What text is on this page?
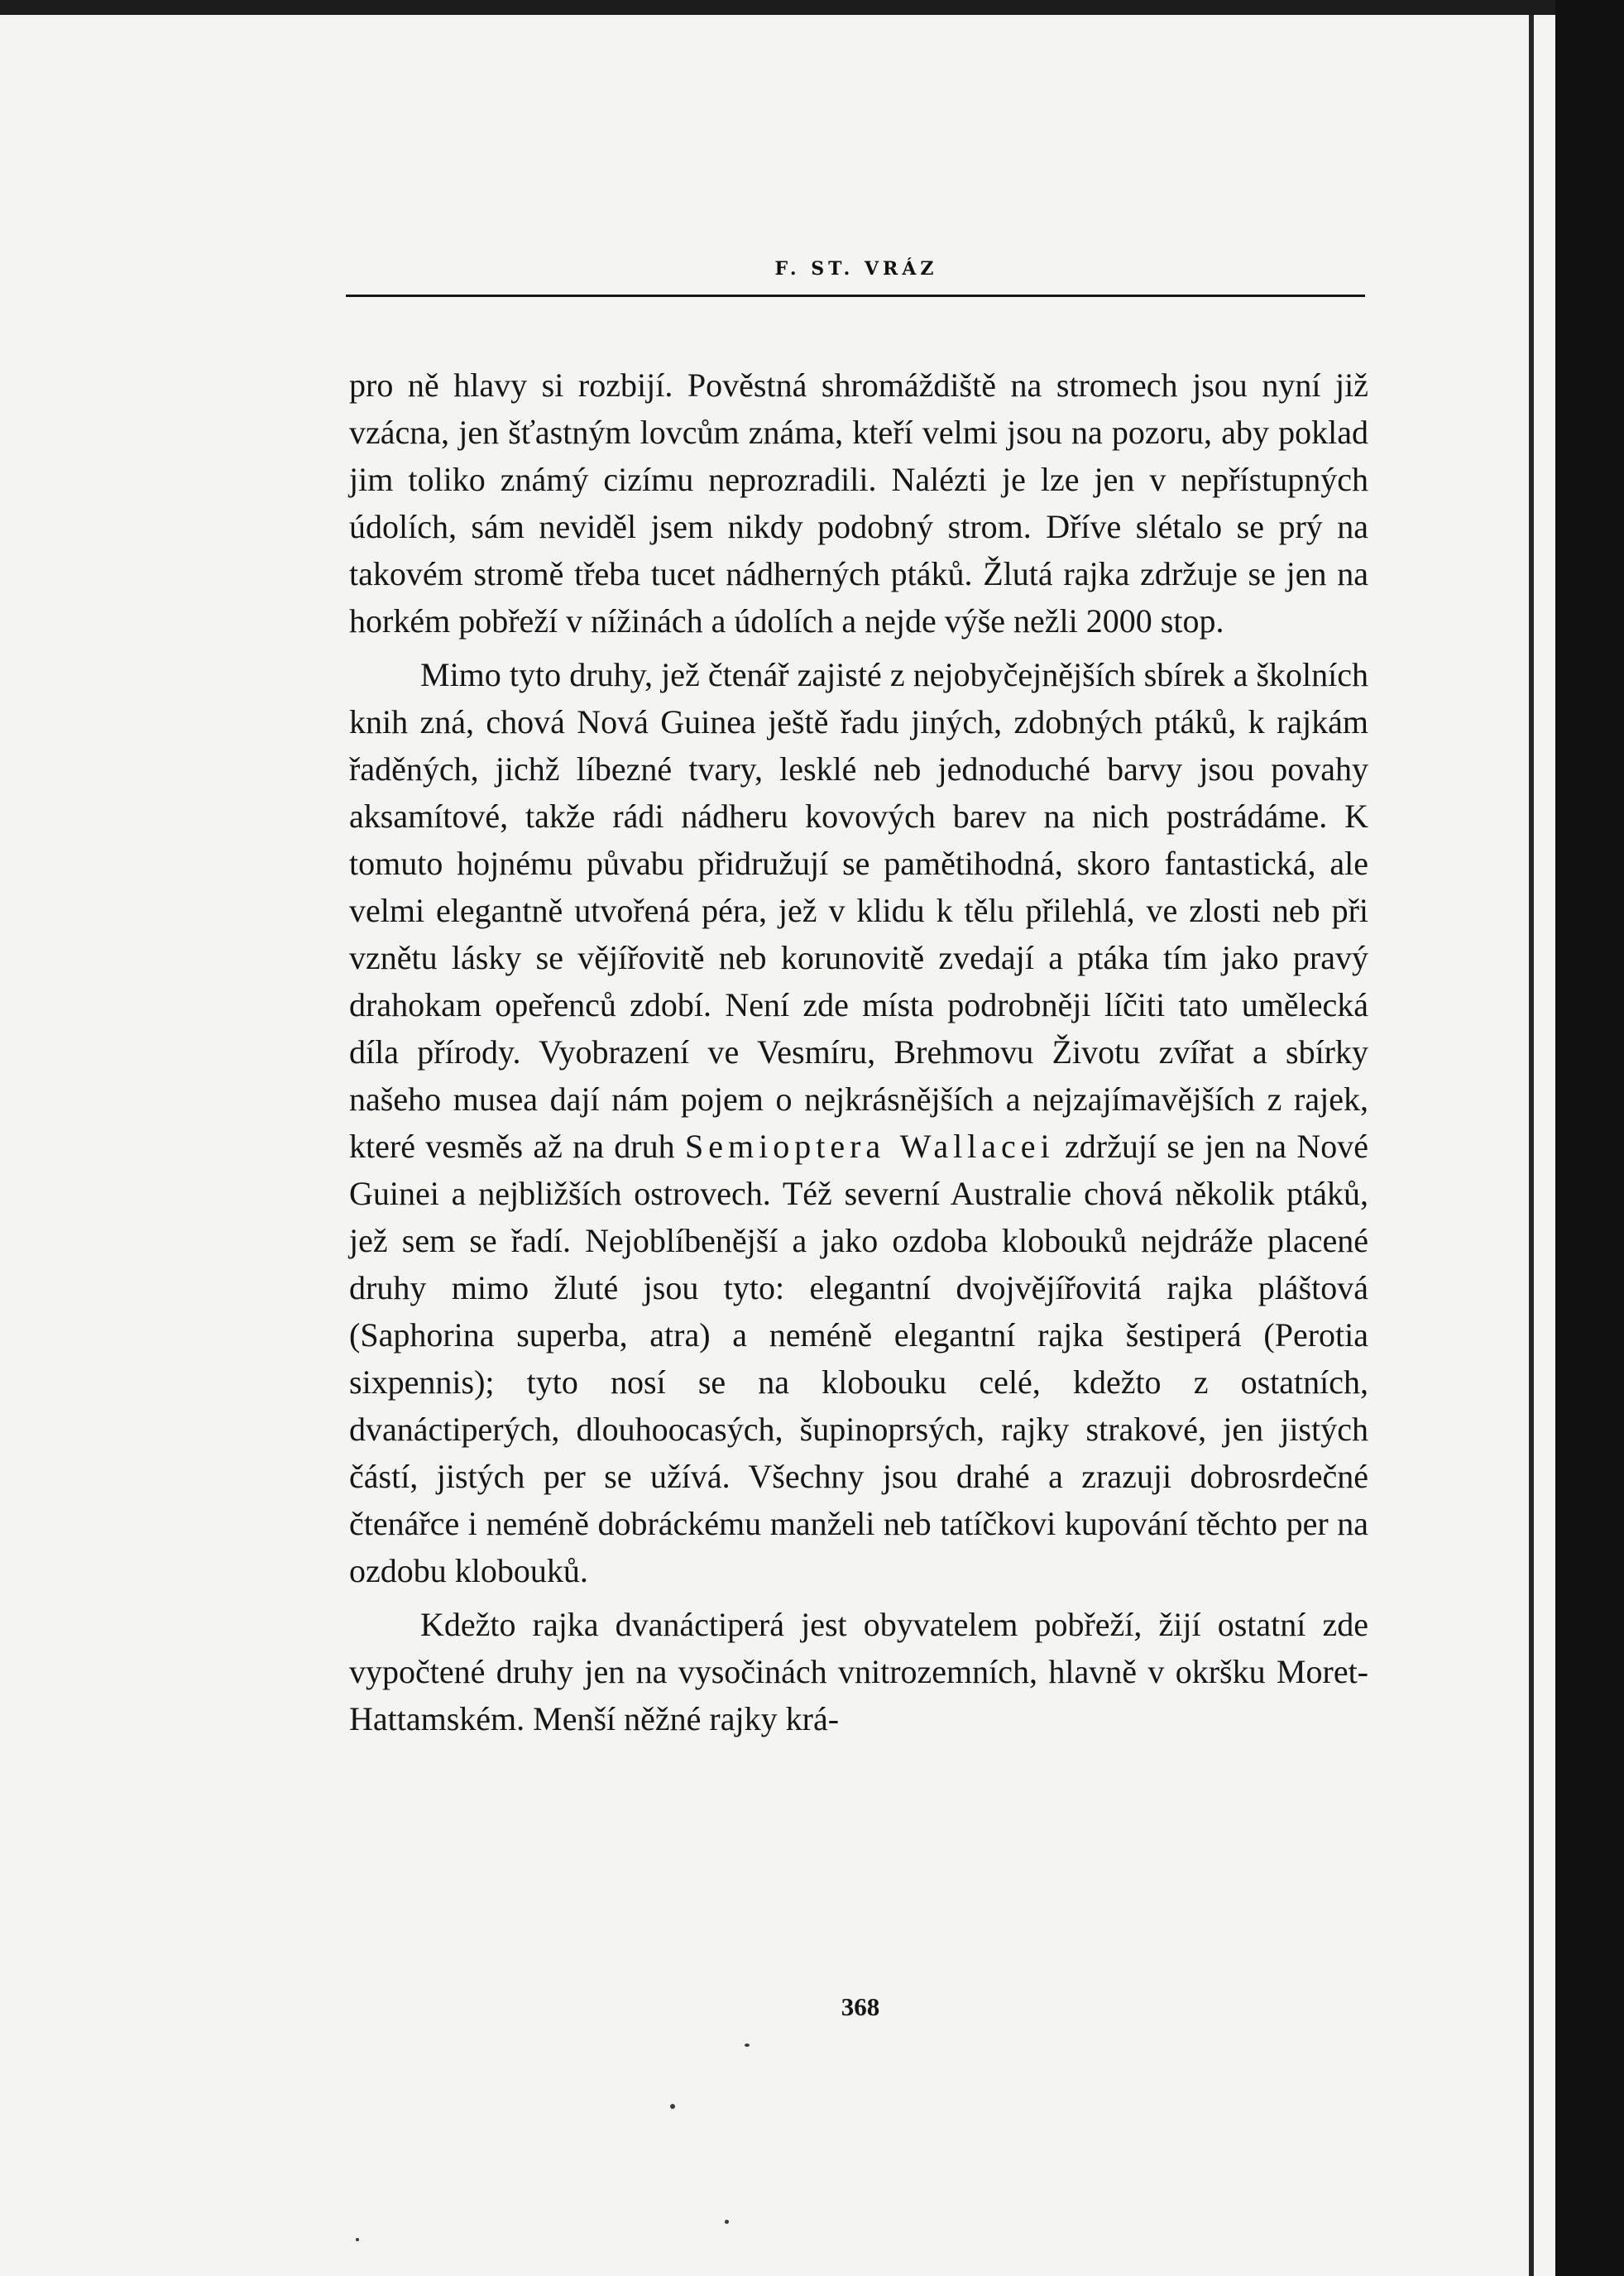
F. ST. VRÁZ

pro ně hlavy si rozbijí. Pověstná shromáždiště na stromech jsou nyní již vzácna, jen šťastným lovcům známa, kteří velmi jsou na pozoru, aby poklad jim toliko známý cizímu neprozradili. Nalézti je lze jen v nepřístupných údolích, sám neviděl jsem nikdy podobný strom. Dříve slétalo se prý na takovém stromě třeba tucet nádherných ptáků. Žlutá rajka zdržuje se jen na horkém pobřeží v nížinách a údolích a nejde výše nežli 2000 stop.

Mimo tyto druhy, jež čtenář zajisté z nejobyčejnějších sbírek a školních knih zná, chová Nová Guinea ještě řadu jiných, zdobných ptáků, k rajkám řaděných, jichž líbezné tvary, lesklé neb jednoduché barvy jsou povahy aksamítové, takže rádi nádheru kovových barev na nich postrádáme. K tomuto hojnému půvabu přidružují se pamětihodná, skoro fantastická, ale velmi elegantně utvořená péra, jež v klidu k tělu přilehlá, ve zlosti neb při vznětu lásky se vějířovitě neb korunovitě zvedají a ptáka tím jako pravý drahokam opeřenců zdobí. Není zde místa podrobněji líčiti tato umělecká díla přírody. Vyobrazení ve Vesmíru, Brehmovu Životu zvířat a sbírky našeho musea dají nám pojem o nejkrásnějších a nejzajímavějších z rajek, které vesměs až na druh Semioptera Wallacei zdržují se jen na Nové Guinei a nejbližších ostrovech. Též severní Australie chová několik ptáků, jež sem se řadí. Nejoblíbenější a jako ozdoba klobouků nejdráže placené druhy mimo žluté jsou tyto: elegantní dvojvějířovitá rajka pláštová (Saphorina superba, atra) a neméně elegantní rajka šestiperá (Perotia sixpennis); tyto nosí se na klobouku celé, kdežto z ostatních, dvanáctiperých, dlouhoocasých, šupinoprsých, rajky strakové, jen jistých částí, jistých per se užívá. Všechny jsou drahé a zrazuji dobrosrdečné čtenářce i neméně dobráckému manželi neb tatíčkovi kupování těchto per na ozdobu klobouků.

Kdežto rajka dvanáctiperá jest obyvatelem pobřeží, žijí ostatní zde vypočtené druhy jen na vysočinách vnitrozemních, hlavně v okršku Moret-Hattamském. Menší něžné rajky krá-

368
